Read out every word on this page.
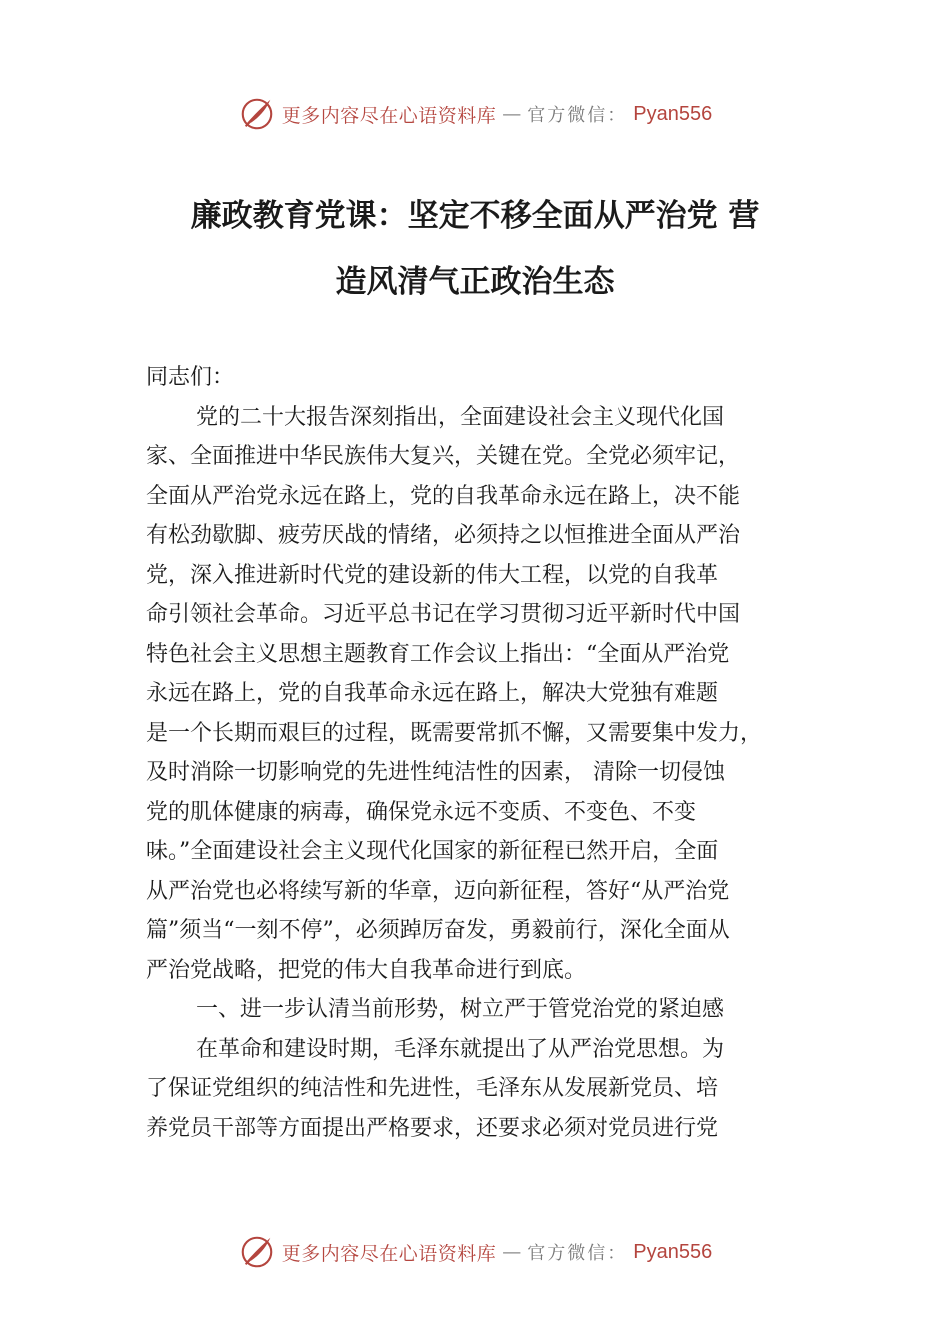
更多内容尽在心语资料库 — 官方微信： Pyan556
廉政教育党课：坚定不移全面从严治党 营
造风清气正政治生态
同志们：
党的二十大报告深刻指出，全面建设社会主义现代化国
家、全面推进中华民族伟大复兴，关键在党。全党必须牢记，
全面从严治党永远在路上，党的自我革命永远在路上，决不能
有松劲歇脚、疲劳厌战的情绪，必须持之以恒推进全面从严治
党，深入推进新时代党的建设新的伟大工程，以党的自我革
命引领社会革命。习近平总书记在学习贯彻习近平新时代中国
特色社会主义思想主题教育工作会议上指出：“全面从严治党
永远在路上，党的自我革命永远在路上，解决大党独有难题
是一个长期而艰巨的过程，既需要常抓不懈，又需要集中发力，
及时消除一切影响党的先进性纯洁性的因素， 清除一切侵蚀
党的肌体健康的病毒，确保党永远不变质、不变色、不变
味。”全面建设社会主义现代化国家的新征程已然开启，全面
从严治党也必将续写新的华章，迈向新征程，答好“从严治党
篇”须当“一刻不停”，必须踔厉奋发，勇毅前行，深化全面从
严治党战略，把党的伟大自我革命进行到底。
一、进一步认清当前形势，树立严于管党治党的紧迫感
在革命和建设时期，毛泽东就提出了从严治党思想。为
了保证党组织的纯洁性和先进性，毛泽东从发展新党员、培
养党员干部等方面提出严格要求，还要求必须对党员进行党
更多内容尽在心语资料库 — 官方微信： Pyan556
